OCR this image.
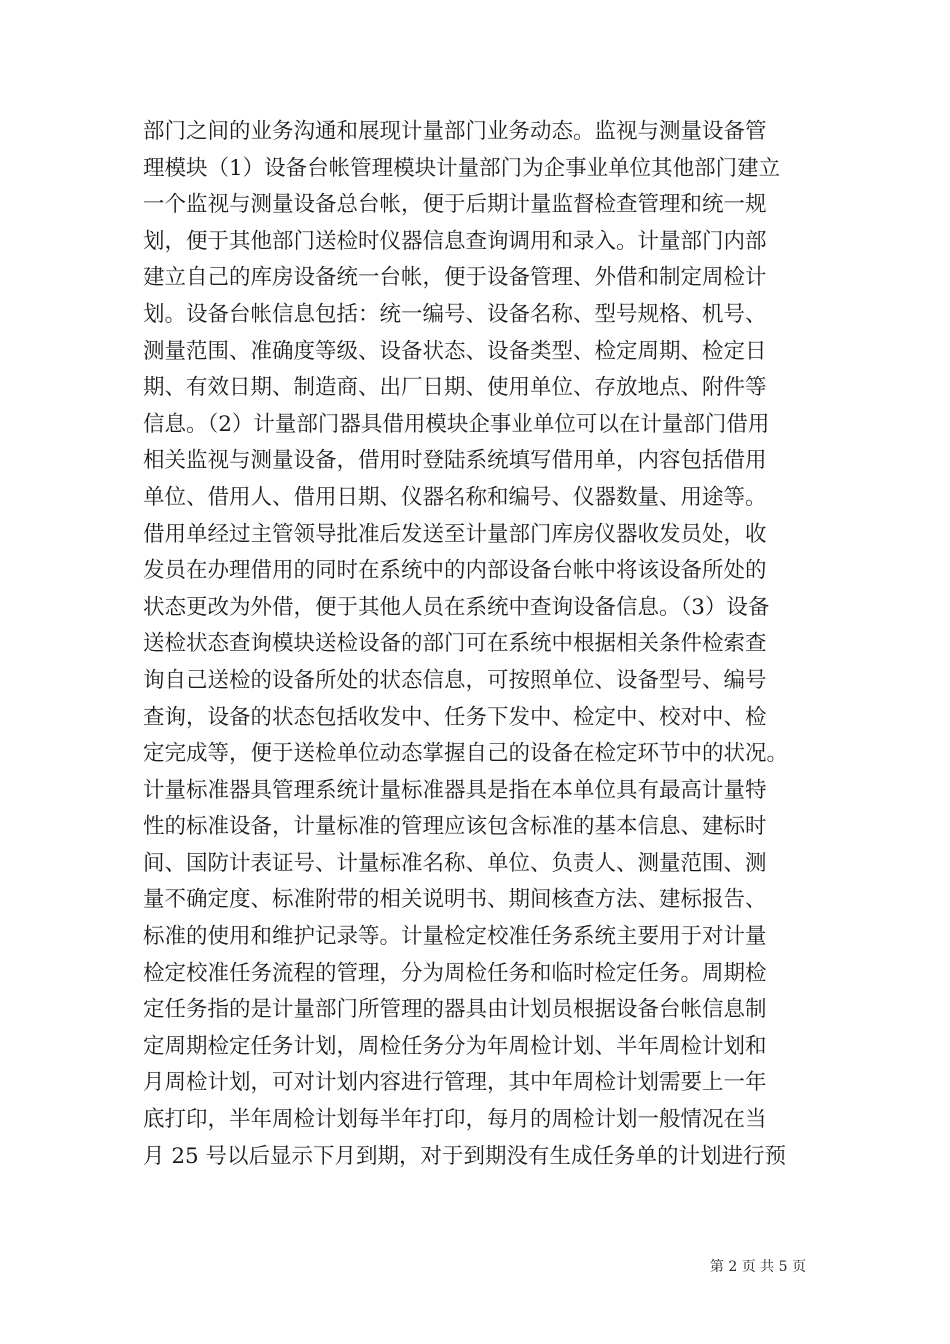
部门之间的业务沟通和展现计量部门业务动态。监视与测量设备管
理模块（1）设备台帐管理模块计量部门为企事业单位其他部门建立
一个监视与测量设备总台帐，便于后期计量监督检查管理和统一规
划，便于其他部门送检时仪器信息查询调用和录入。计量部门内部
建立自己的库房设备统一台帐，便于设备管理、外借和制定周检计
划。设备台帐信息包括：统一编号、设备名称、型号规格、机号、
测量范围、准确度等级、设备状态、设备类型、检定周期、检定日
期、有效日期、制造商、出厂日期、使用单位、存放地点、附件等
信息。（2）计量部门器具借用模块企事业单位可以在计量部门借用
相关监视与测量设备，借用时登陆系统填写借用单，内容包括借用
单位、借用人、借用日期、仪器名称和编号、仪器数量、用途等。
借用单经过主管领导批准后发送至计量部门库房仪器收发员处，收
发员在办理借用的同时在系统中的内部设备台帐中将该设备所处的
状态更改为外借，便于其他人员在系统中查询设备信息。（3）设备
送检状态查询模块送检设备的部门可在系统中根据相关条件检索查
询自己送检的设备所处的状态信息，可按照单位、设备型号、编号
查询，设备的状态包括收发中、任务下发中、检定中、校对中、检
定完成等，便于送检单位动态掌握自己的设备在检定环节中的状况。
计量标准器具管理系统计量标准器具是指在本单位具有最高计量特
性的标准设备，计量标准的管理应该包含标准的基本信息、建标时
间、国防计表证号、计量标准名称、单位、负责人、测量范围、测
量不确定度、标准附带的相关说明书、期间核查方法、建标报告、
标准的使用和维护记录等。计量检定校准任务系统主要用于对计量
检定校准任务流程的管理，分为周检任务和临时检定任务。周期检
定任务指的是计量部门所管理的器具由计划员根据设备台帐信息制
定周期检定任务计划，周检任务分为年周检计划、半年周检计划和
月周检计划，可对计划内容进行管理，其中年周检计划需要上一年
底打印，半年周检计划每半年打印，每月的周检计划一般情况在当
月 25 号以后显示下月到期，对于到期没有生成任务单的计划进行预
第 2 页 共 5 页
